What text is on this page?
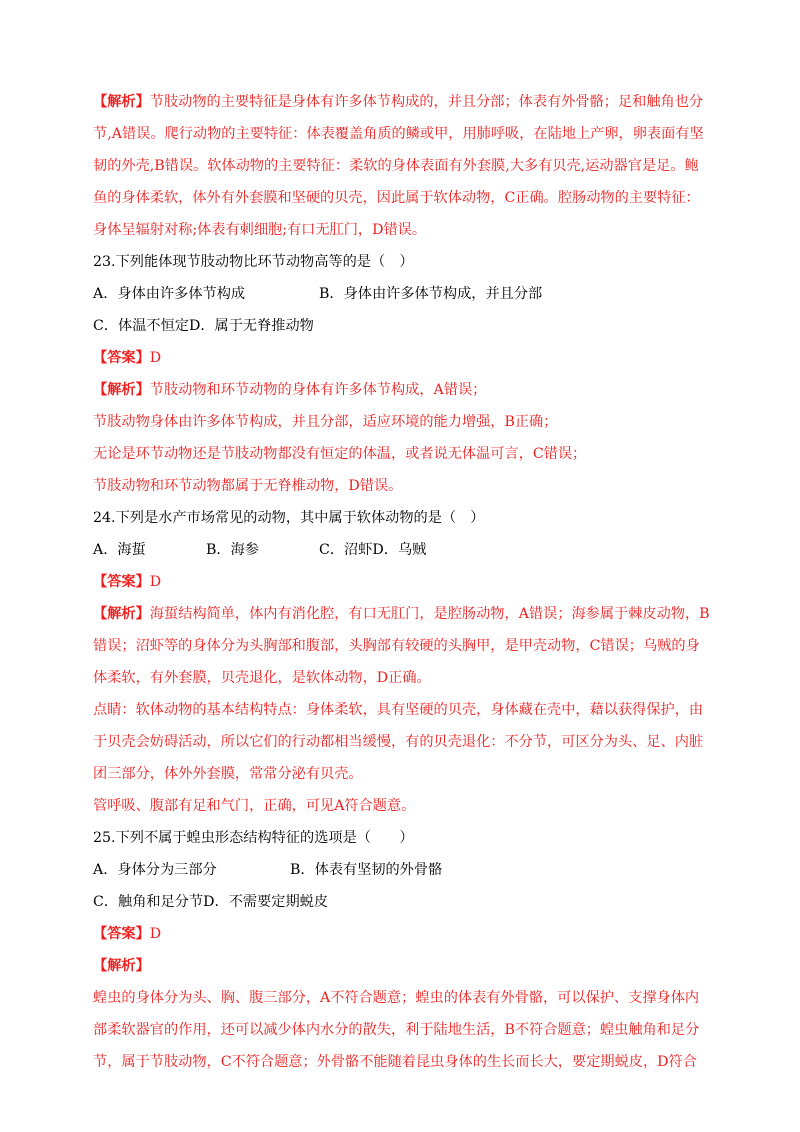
【解析】节肢动物的主要特征是身体有许多体节构成的，并且分部；体表有外骨骼；足和触角也分
节,A错误。爬行动物的主要特征：体表覆盖角质的鳞或甲，用肺呼吸，在陆地上产卵，卵表面有坚
韧的外壳,B错误。软体动物的主要特征：柔软的身体表面有外套膜,大多有贝壳,运动器官是足。鲍
鱼的身体柔软，体外有外套膜和坚硬的贝壳，因此属于软体动物，C正确。腔肠动物的主要特征：
身体呈辐射对称;体表有刺细胞;有口无肛门，D错误。
23.下列能体现节肢动物比环节动物高等的是（　）
A．身体由许多体节构成	B．身体由许多体节构成，并且分部
C．体温不恒定D．属于无脊推动物
【答案】D
【解析】节肢动物和环节动物的身体有许多体节构成，A错误；
节肢动物身体由许多体节构成，并且分部，适应环境的能力增强，B正确；
无论是环节动物还是节肢动物都没有恒定的体温，或者说无体温可言，C错误；
节肢动物和环节动物都属于无脊椎动物，D错误。
24.下列是水产市场常见的动物，其中属于软体动物的是（　）
A．海蜇	B．海参	C．沼虾D．乌贼
【答案】D
【解析】海蜇结构简单，体内有消化腔，有口无肛门，是腔肠动物，A错误；海参属于棘皮动物，B
错误；沼虾等的身体分为头胸部和腹部，头胸部有较硬的头胸甲，是甲壳动物，C错误；乌贼的身
体柔软，有外套膜，贝壳退化，是软体动物，D正确。
点睛：软体动物的基本结构特点：身体柔软，具有坚硬的贝壳，身体藏在壳中，藉以获得保护，由
于贝壳会妨碍活动，所以它们的行动都相当缓慢，有的贝壳退化：不分节，可区分为头、足、内脏
团三部分，体外外套膜，常常分泌有贝壳。
管呼吸、腹部有足和气门，正确，可见A符合题意。
25.下列不属于蝗虫形态结构特征的选项是（　　）
A．身体分为三部分	B．体表有坚韧的外骨骼
C．触角和足分节D．不需要定期蜕皮
【答案】D
【解析】
蝗虫的身体分为头、胸、腹三部分，A不符合题意；蝗虫的体表有外骨骼，可以保护、支撑身体内
部柔软器官的作用，还可以减少体内水分的散失，利于陆地生活，B不符合题意；蝗虫触角和足分
节，属于节肢动物，C不符合题意；外骨骼不能随着昆虫身体的生长而长大，要定期蜕皮，D符合
